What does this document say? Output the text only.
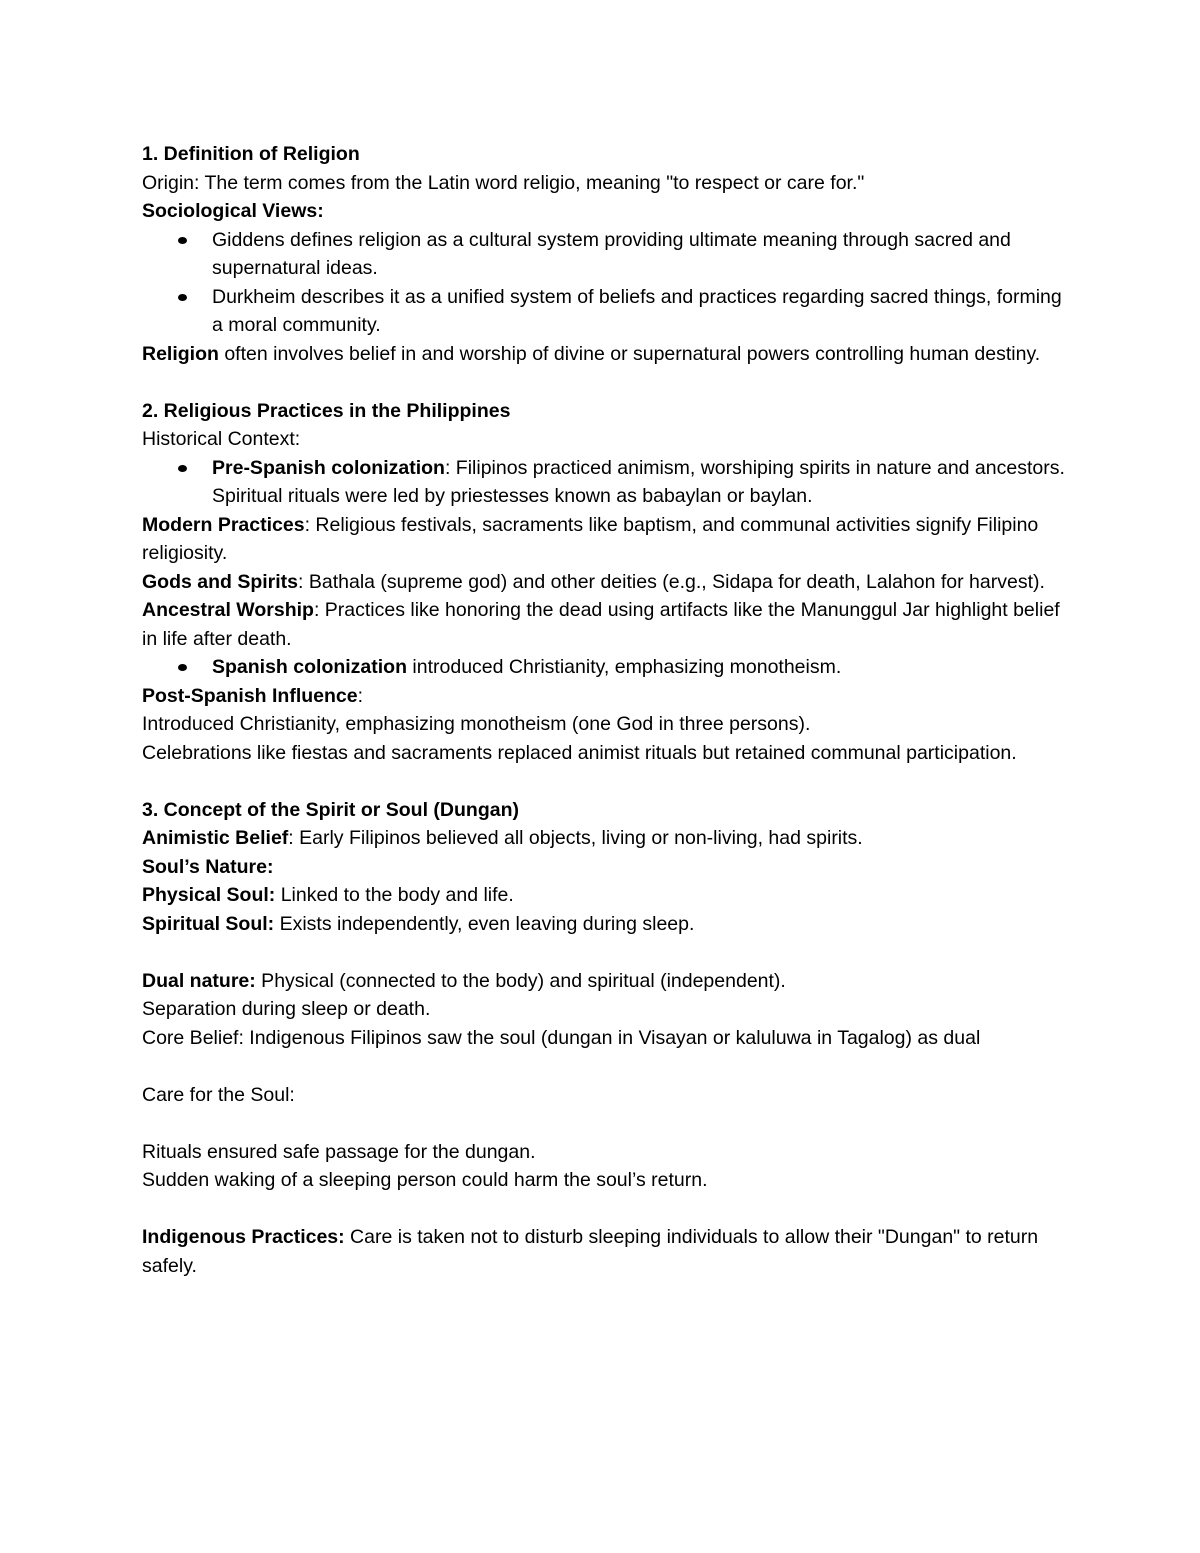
1. Definition of Religion

Origin: The term comes from the Latin word religio, meaning "to respect or care for."

Sociological Views:

Giddens defines religion as a cultural system providing ultimate meaning through sacred and supernatural ideas.
Durkheim describes it as a unified system of beliefs and practices regarding sacred things, forming a moral community.

Religion often involves belief in and worship of divine or supernatural powers controlling human destiny.

2. Religious Practices in the Philippines

Historical Context:

Pre-Spanish colonization: Filipinos practiced animism, worshiping spirits in nature and ancestors. Spiritual rituals were led by priestesses known as babaylan or baylan.

Modern Practices: Religious festivals, sacraments like baptism, and communal activities signify Filipino religiosity.

Gods and Spirits: Bathala (supreme god) and other deities (e.g., Sidapa for death, Lalahon for harvest).

Ancestral Worship: Practices like honoring the dead using artifacts like the Manunggul Jar highlight belief in life after death.

Spanish colonization introduced Christianity, emphasizing monotheism.

Post-Spanish Influence:

Introduced Christianity, emphasizing monotheism (one God in three persons).

Celebrations like fiestas and sacraments replaced animist rituals but retained communal participation.

3. Concept of the Spirit or Soul (Dungan)

Animistic Belief: Early Filipinos believed all objects, living or non-living, had spirits.

Soul’s Nature:

Physical Soul: Linked to the body and life.

Spiritual Soul: Exists independently, even leaving during sleep.

Dual nature: Physical (connected to the body) and spiritual (independent).

Separation during sleep or death.

Core Belief: Indigenous Filipinos saw the soul (dungan in Visayan or kaluluwa in Tagalog) as dual

Care for the Soul:

Rituals ensured safe passage for the dungan.

Sudden waking of a sleeping person could harm the soul’s return.

Indigenous Practices: Care is taken not to disturb sleeping individuals to allow their "Dungan" to return safely.
